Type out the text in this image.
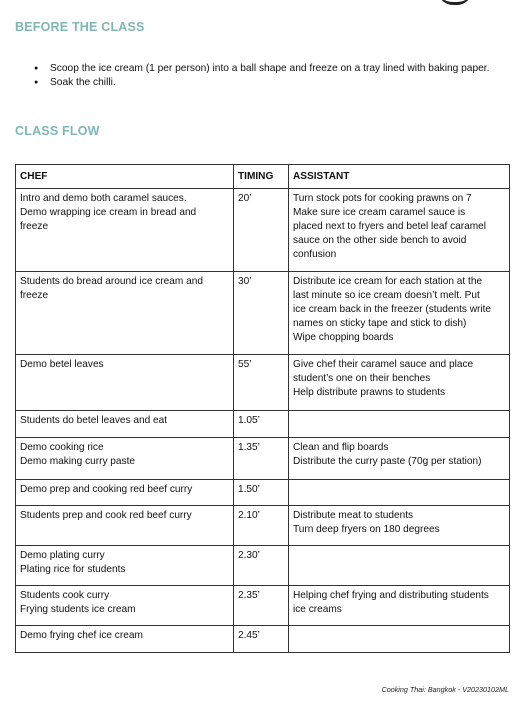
BEFORE THE CLASS
● Scoop the ice cream (1 per person) into a ball shape and freeze on a tray lined with baking paper.
● Soak the chilli.
CLASS FLOW
CHEF	TIMING	ASSISTANT

Intro and demo both caramel sauces.
Demo wrapping ice cream in bread and
freeze	20’	Turn stock pots for cooking prawns on 7
Make sure ice cream caramel sauce is
placed next to fryers and betel leaf caramel
sauce on the other side bench to avoid
confusion

Students do bread around ice cream and
freeze	30’	Distribute ice cream for each station at the
last minute so ice cream doesn’t melt. Put
ice cream back in the freezer (students write
names on sticky tape and stick to dish)
Wipe chopping boards

Demo betel leaves	55’	Give chef their caramel sauce and place
student’s one on their benches
Help distribute prawns to students

Students do betel leaves and eat	1.05’	

Demo cooking rice
Demo making curry paste	1.35’	Clean and flip boards
Distribute the curry paste (70g per station)

Demo prep and cooking red beef curry	1.50’	

Students prep and cook red beef curry	2.10’	Distribute meat to students
Turn deep fryers on 180 degrees

Demo plating curry
Plating rice for students	2.30’	

Students cook curry
Frying students ice cream	2.35’	Helping chef frying and distributing students
ice creams

Demo frying chef ice cream	2.45’	
Cooking Thai: Bangkok - V20230102ML
